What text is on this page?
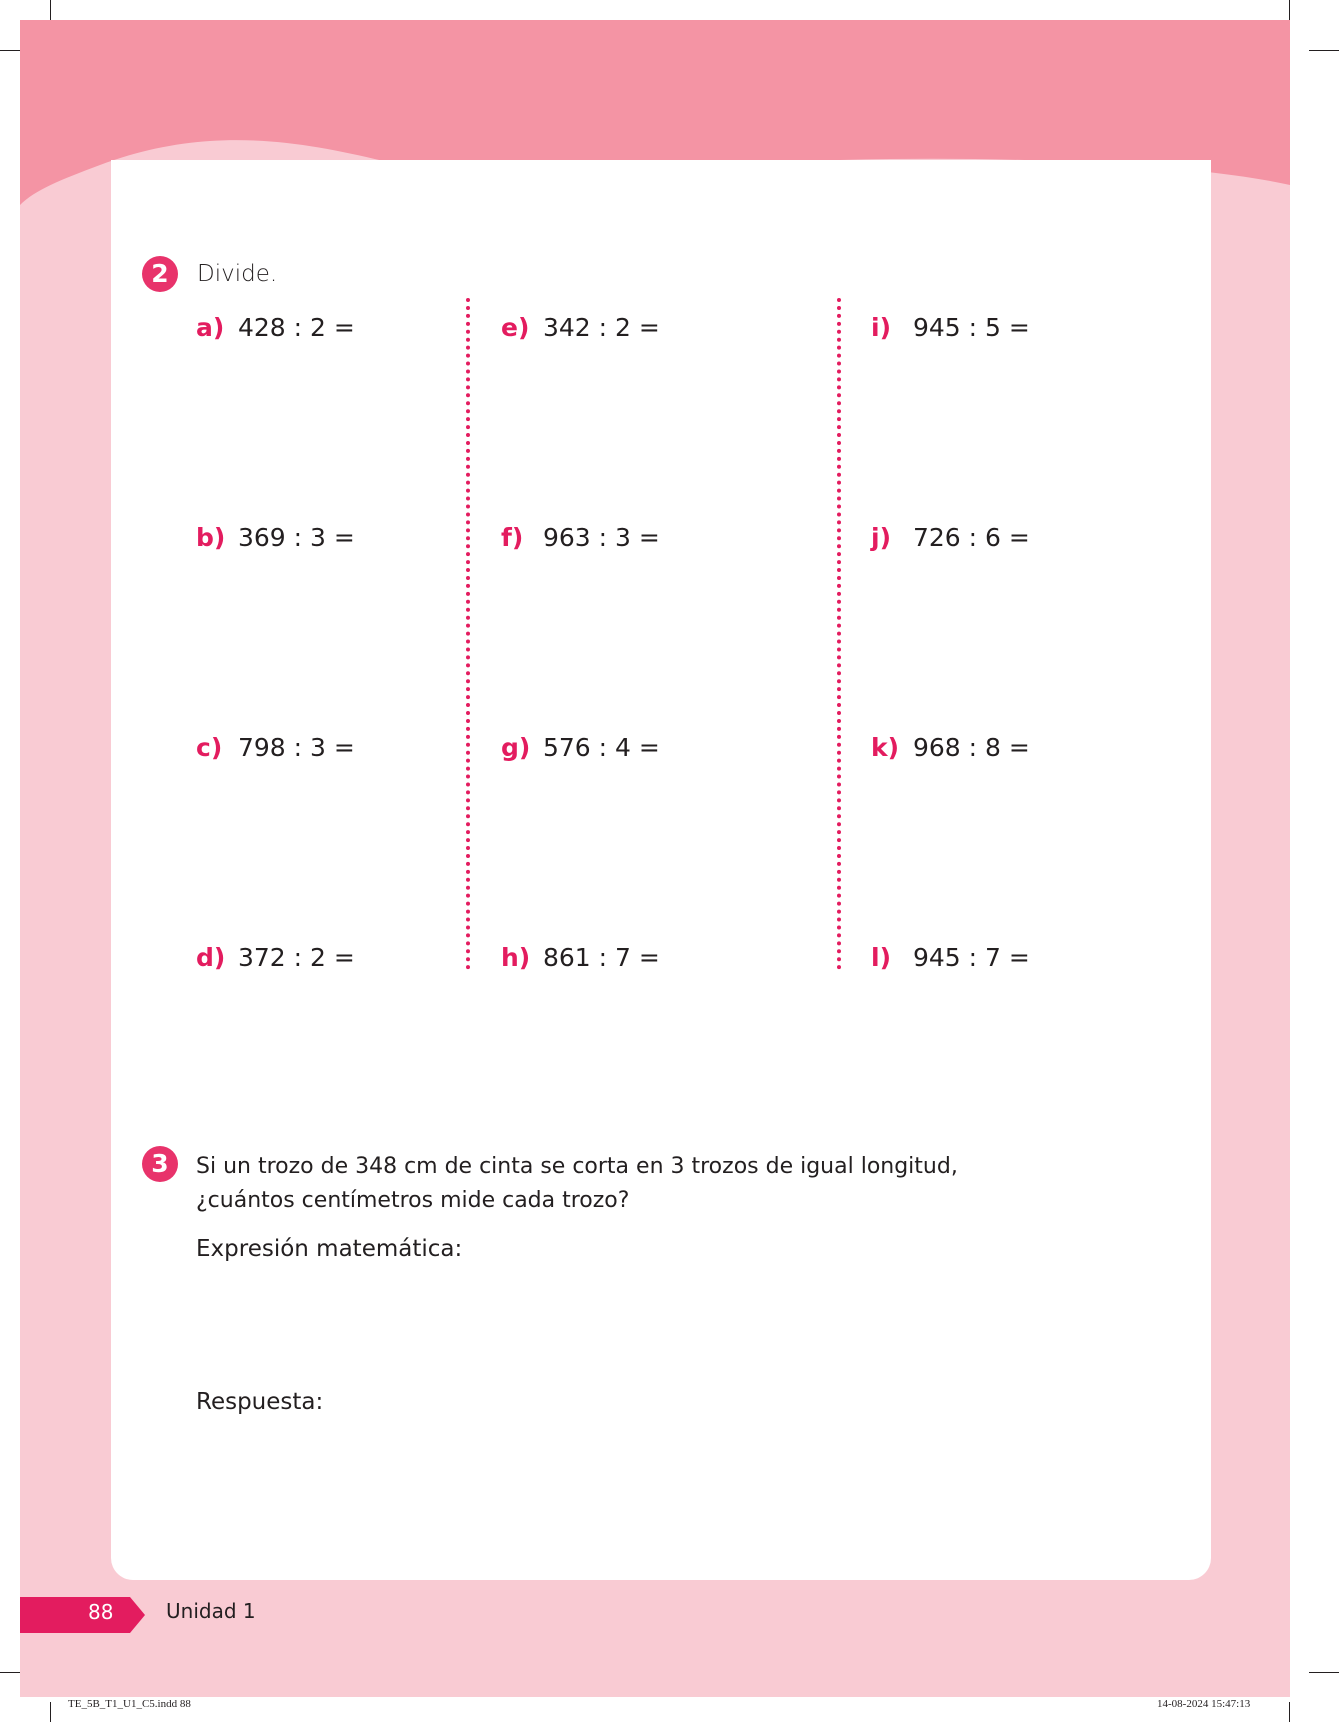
2	Divide.
a) 428 : 2 =
b) 369 : 3 =
c) 798 : 3 =
d) 372 : 2 =
e) 342 : 2 =
f) 963 : 3 =
g) 576 : 4 =
h) 861 : 7 =
i) 945 : 5 =
j) 726 : 6 =
k) 968 : 8 =
l) 945 : 7 =
3	Si un trozo de 348 cm de cinta se corta en 3 trozos de igual longitud,
¿cuántos centímetros mide cada trozo?
Expresión matemática:
Respuesta:
88	Unidad 1
TE_5B_T1_U1_C5.indd 88	14-08-2024 15:47:13
